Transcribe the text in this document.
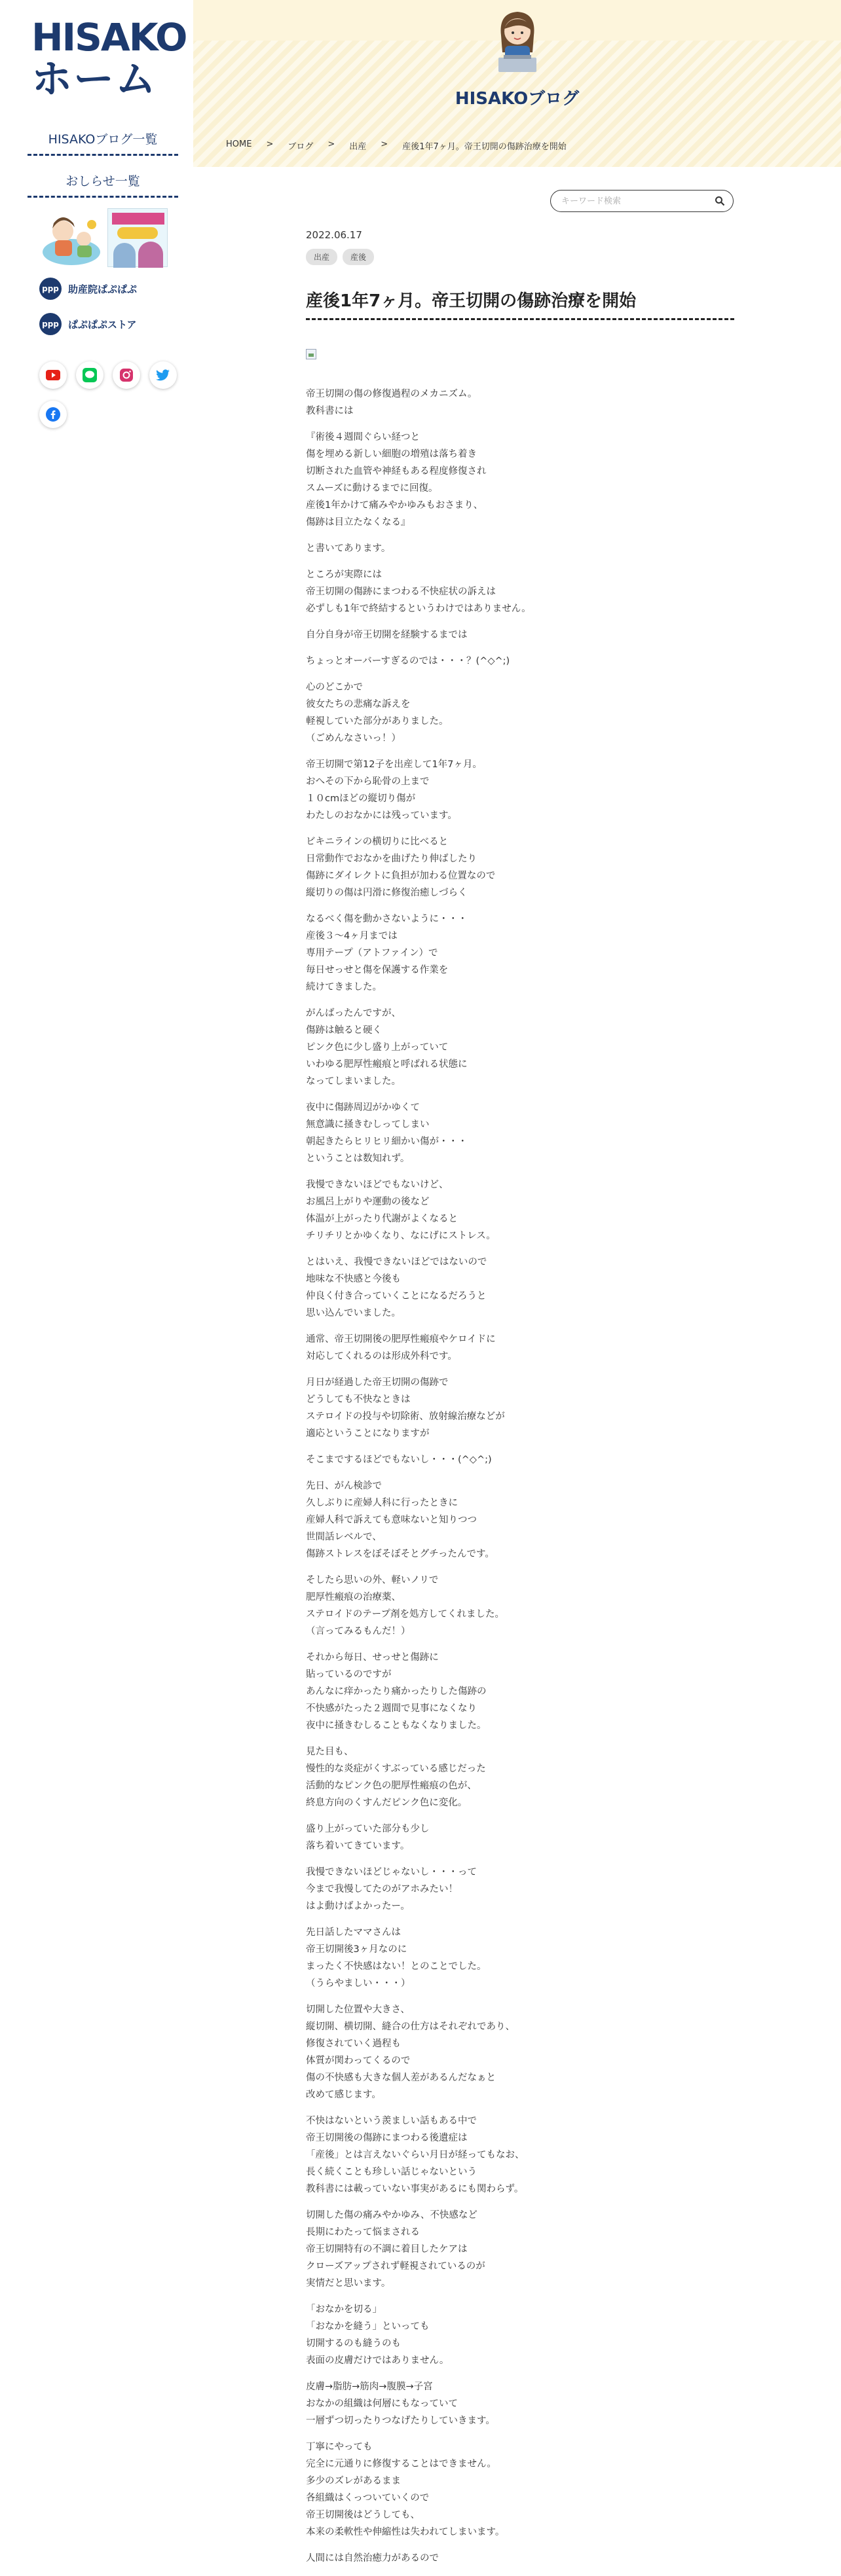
HISAKO
ホーム
HISAKOブログ一覧
おしらせ一覧
ppp 助産院ぱぷぱぷ
ppp ぱぷぱぷストア
HISAKOブログ
HOME > ブログ > 出産 > 産後1年7ヶ月。帝王切開の傷跡治療を開始
キーワード検索
2022.06.17
出産	産後
産後1年7ヶ月。帝王切開の傷跡治療を開始

帝王切開の傷の修復過程のメカニズム。
教科書には

『術後４週間ぐらい経つと
傷を埋める新しい細胞の増殖は落ち着き
切断された血管や神経もある程度修復され
スムーズに動けるまでに回復。
産後1年かけて痛みやかゆみもおさまり、
傷跡は目立たなくなる』

と書いてあります。

ところが実際には
帝王切開の傷跡にまつわる不快症状の訴えは
必ずしも1年で終結するというわけではありません。

自分自身が帝王切開を経験するまでは

ちょっとオーバーすぎるのでは・・・？(^◇^;)

心のどこかで
彼女たちの悲痛な訴えを
軽視していた部分がありました。
（ごめんなさいっ！）

帝王切開で第12子を出産して1年7ヶ月。
おへその下から恥骨の上まで
１０cmほどの縦切り傷が
わたしのおなかには残っています。

ビキニラインの横切りに比べると
日常動作でおなかを曲げたり伸ばしたり
傷跡にダイレクトに負担が加わる位置なので
縦切りの傷は円滑に修復治癒しづらく

なるべく傷を動かさないように・・・
産後３〜4ヶ月までは
専用テープ（アトファイン）で
毎日せっせと傷を保護する作業を
続けてきました。

がんばったんですが、
傷跡は触ると硬く
ピンク色に少し盛り上がっていて
いわゆる肥厚性瘢痕と呼ばれる状態に
なってしまいました。

夜中に傷跡周辺がかゆくて
無意識に掻きむしってしまい
朝起きたらヒリヒリ細かい傷が・・・
ということは数知れず。

我慢できないほどでもないけど、
お風呂上がりや運動の後など
体温が上がったり代謝がよくなると
チリチリとかゆくなり、なにげにストレス。

とはいえ、我慢できないほどではないので
地味な不快感と今後も
仲良く付き合っていくことになるだろうと
思い込んでいました。

通常、帝王切開後の肥厚性瘢痕やケロイドに
対応してくれるのは形成外科です。

月日が経過した帝王切開の傷跡で
どうしても不快なときは
ステロイドの投与や切除術、放射線治療などが
適応ということになりますが

そこまでするほどでもないし・・・(^◇^;)

先日、がん検診で
久しぶりに産婦人科に行ったときに
産婦人科で訴えても意味ないと知りつつ
世間話レベルで、
傷跡ストレスをぼそぼそとグチったんです。

そしたら思いの外、軽いノリで
肥厚性瘢痕の治療薬、
ステロイドのテープ剤を処方してくれました。
（言ってみるもんだ！）

それから毎日、せっせと傷跡に
貼っているのですが
あんなに痒かったり痛かったりした傷跡の
不快感がたった２週間で見事になくなり
夜中に掻きむしることもなくなりました。

見た目も、
慢性的な炎症がくすぶっている感じだった
活動的なピンク色の肥厚性瘢痕の色が、
終息方向のくすんだピンク色に変化。

盛り上がっていた部分も少し
落ち着いてきています。

我慢できないほどじゃないし・・・って
今まで我慢してたのがアホみたい！
はよ動けばよかったー。

先日話したママさんは
帝王切開後3ヶ月なのに
まったく不快感はない！とのことでした。
（うらやましい・・・）

切開した位置や大きさ、
縦切開、横切開、縫合の仕方はそれぞれであり、
修復されていく過程も
体質が関わってくるので
傷の不快感も大きな個人差があるんだなぁと
改めて感じます。

不快はないという羨ましい話もある中で
帝王切開後の傷跡にまつわる後遺症は
「産後」とは言えないぐらい月日が経ってもなお、
長く続くことも珍しい話じゃないという
教科書には載っていない事実があるにも関わらず。

切開した傷の痛みやかゆみ、不快感など
長期にわたって悩まされる
帝王切開特有の不調に着目したケアは
クローズアップされず軽視されているのが
実情だと思います。

「おなかを切る」
「おなかを縫う」といっても
切開するのも縫うのも
表面の皮膚だけではありません。

皮膚→脂肪→筋肉→腹膜→子宮
おなかの組織は何層にもなっていて
一層ずつ切ったりつなげたりしていきます。

丁寧にやっても
完全に元通りに修復することはできません。
多少のズレがあるまま
各組織はくっついていくので
帝王切開後はどうしても、
本来の柔軟性や伸縮性は失われてしまいます。

人間には自然治癒力があるので
